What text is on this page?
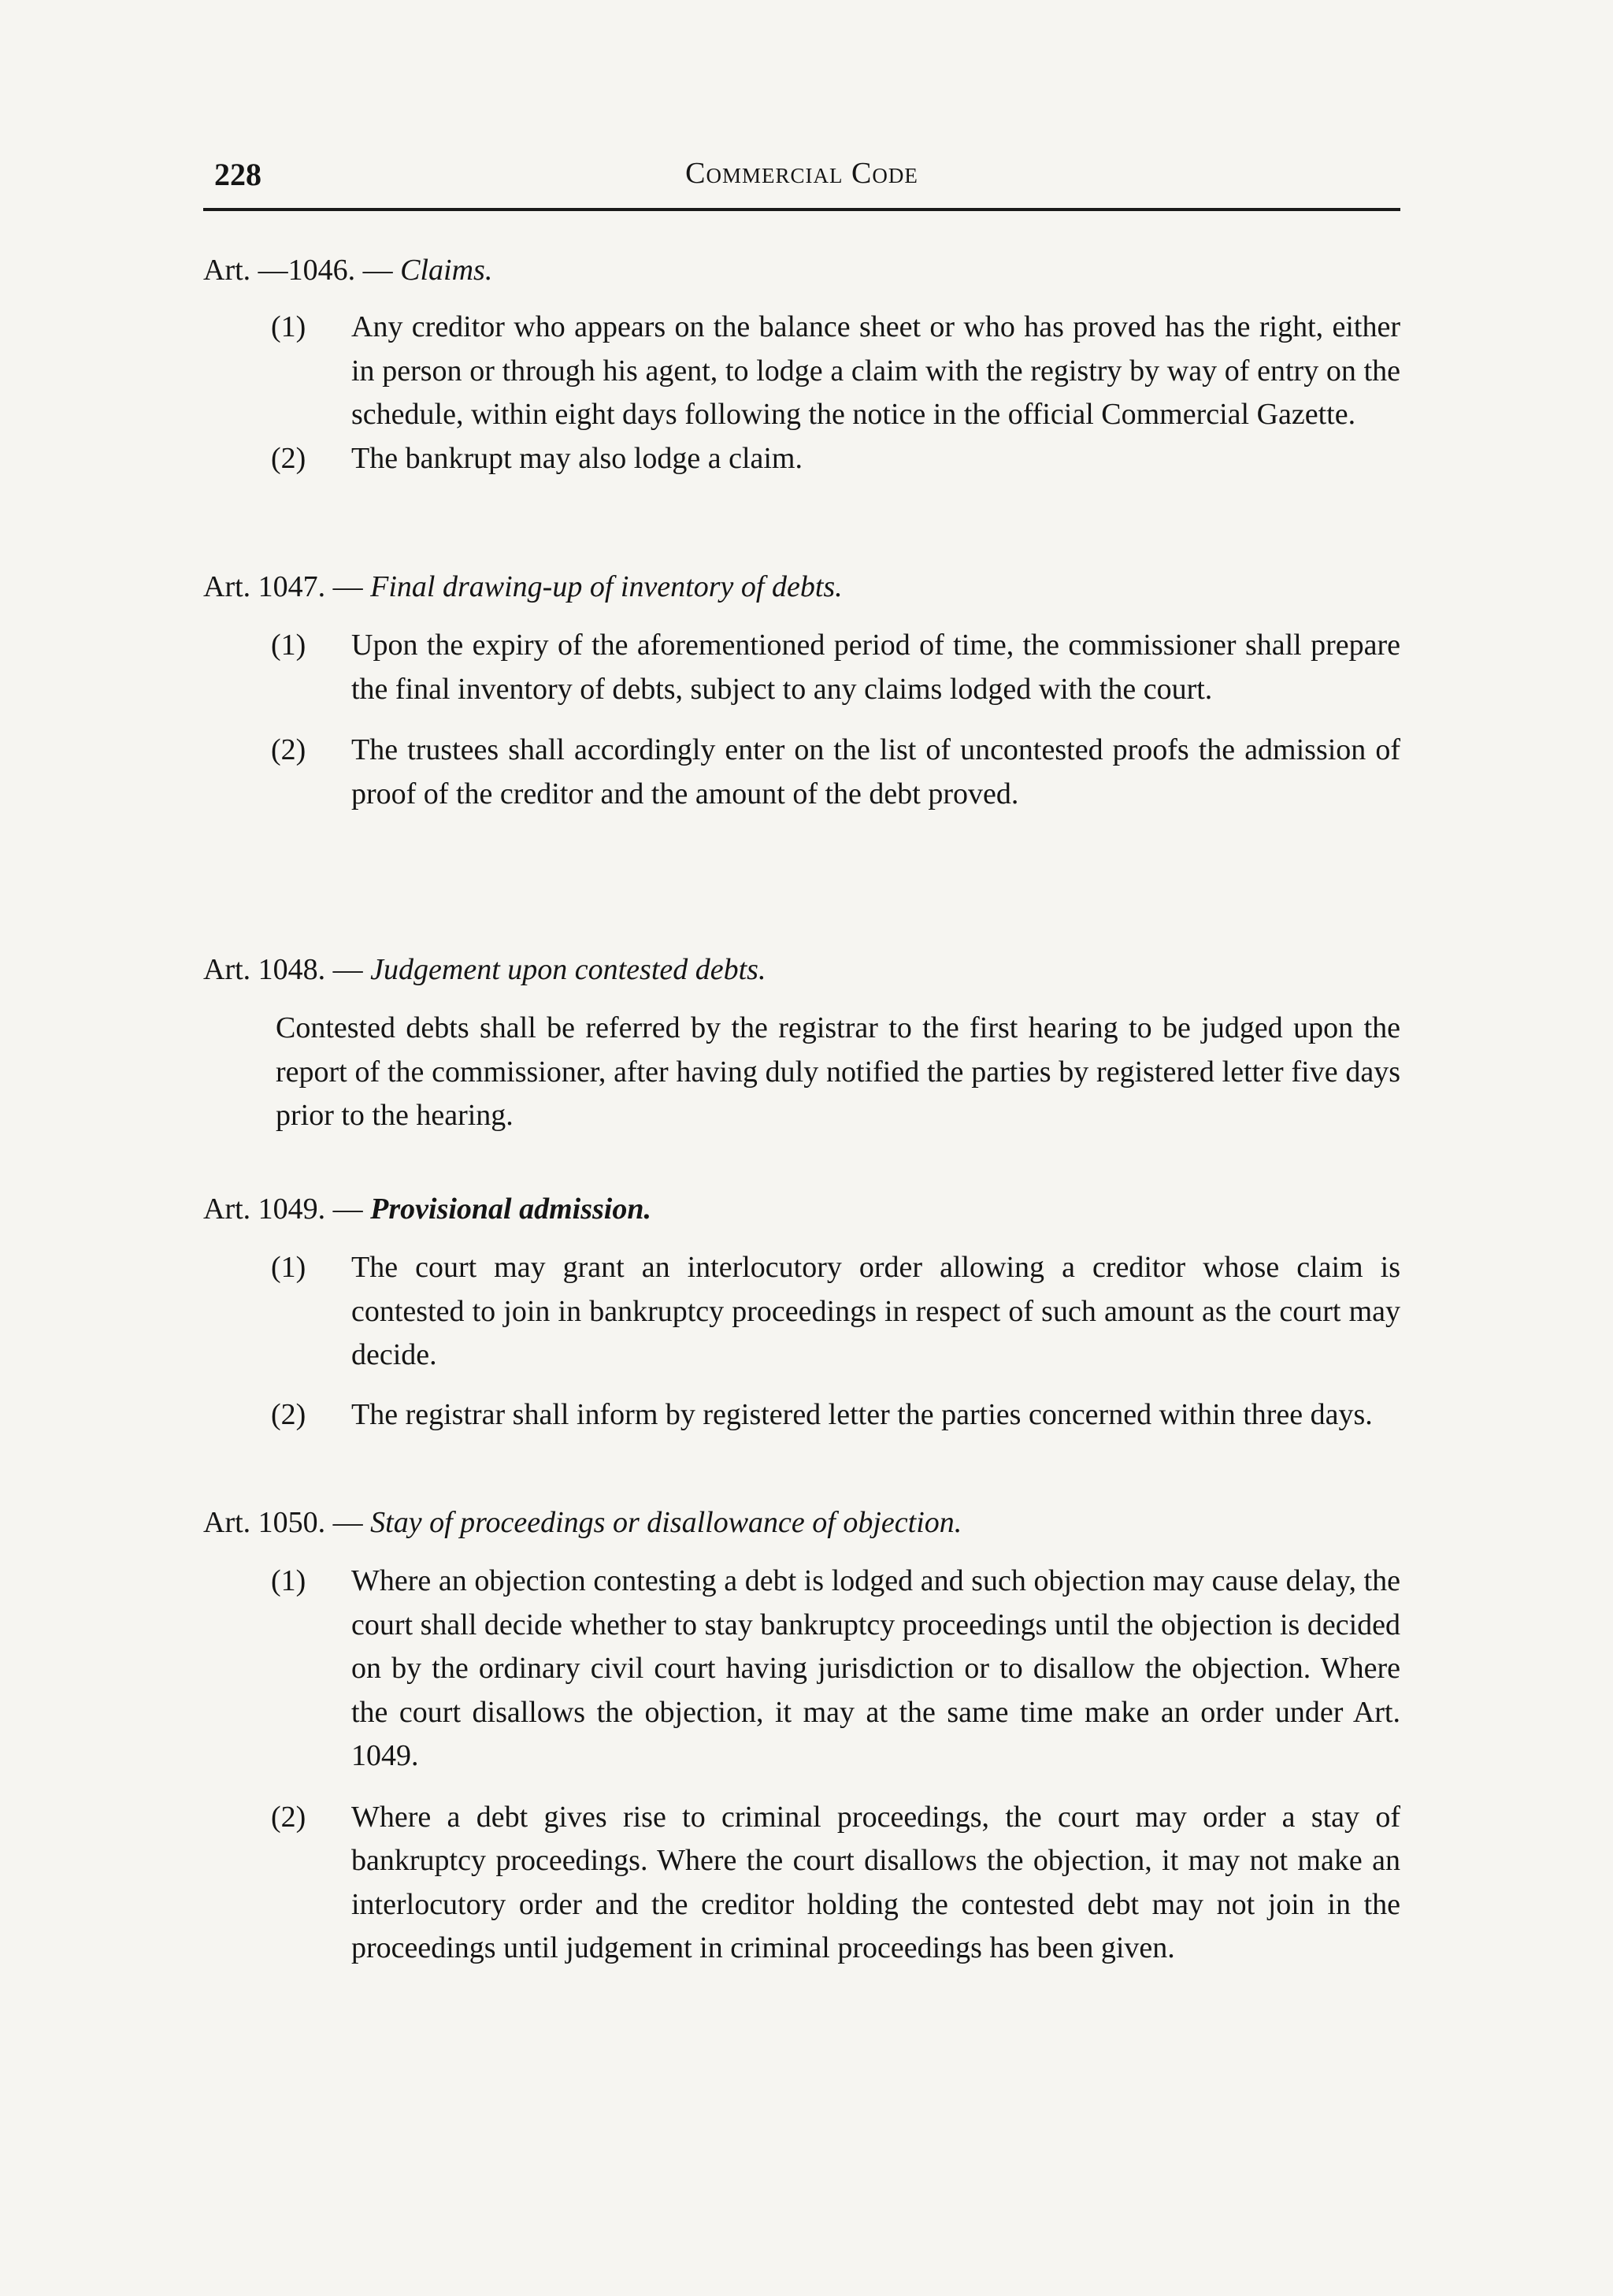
228	Commercial Code
Art. —1046. — Claims.
(1) Any creditor who appears on the balance sheet or who has proved has the right, either in person or through his agent, to lodge a claim with the registry by way of entry on the schedule, within eight days following the notice in the official Commercial Gazette.
(2) The bankrupt may also lodge a claim.
Art. 1047. — Final drawing-up of inventory of debts.
(1) Upon the expiry of the aforementioned period of time, the commissioner shall prepare the final inventory of debts, subject to any claims lodged with the court.
(2) The trustees shall accordingly enter on the list of uncontested proofs the admission of proof of the creditor and the amount of the debt proved.
Art. 1048. — Judgement upon contested debts.
Contested debts shall be referred by the registrar to the first hearing to be judged upon the report of the commissioner, after having duly notified the parties by registered letter five days prior to the hearing.
Art. 1049. — Provisional admission.
(1) The court may grant an interlocutory order allowing a creditor whose claim is contested to join in bankruptcy proceedings in respect of such amount as the court may decide.
(2) The registrar shall inform by registered letter the parties concerned within three days.
Art. 1050. — Stay of proceedings or disallowance of objection.
(1) Where an objection contesting a debt is lodged and such objection may cause delay, the court shall decide whether to stay bankruptcy proceedings until the objection is decided on by the ordinary civil court having jurisdiction or to disallow the objection. Where the court disallows the objection, it may at the same time make an order under Art. 1049.
(2) Where a debt gives rise to criminal proceedings, the court may order a stay of bankruptcy proceedings. Where the court disallows the objection, it may not make an interlocutory order and the creditor holding the contested debt may not join in the proceedings until judgement in criminal proceedings has been given.
